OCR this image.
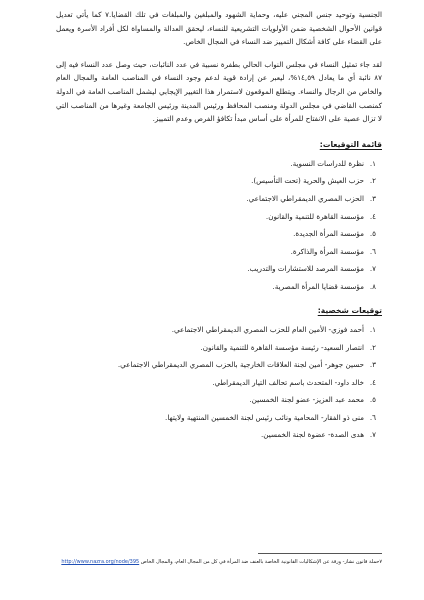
الجنسية وتوحيد جنس المجني عليه، وحماية الشهود والمبلغين والمبلغات في تلك القضايا.٧ كما يأتي تعديل قوانين الأحوال الشخصية ضمن الأولويات التشريعية للنساء، ليحقق العدالة والمساواة لكل أفراد الأسرة ويعمل على القضاء على كافة أشكال التمييز ضد النساء في المجال الخاص.

لقد جاء تمثيل النساء في مجلس النواب الحالي بطفرة نسبية في عدد النائبات، حيث وصل عدد النساء فيه إلى ٨٧ نائبة أي ما يعادل ١٤,٥٩%، ليعبر عن إرادة قوية لدعم وجود النساء في المناصب العامة والمجال العام والخاص من الرجال والنساء. ويتطلع الموقعون لاستمرار هذا التغيير الإيجابي ليشمل المناصب العامة في الدولة كمنصب القاضي في مجلس الدولة ومنصب المحافظ ورئيس المدينة ورئيس الجامعة وغيرها من المناصب التي لا تزال عصية على الانفتاح للمرأة على أساس مبدأ تكافؤ الفرص وعدم التمييز.

قائمة التوقيعات:
١.
نظرة للدراسات النسوية.
٢.
حزب العيش والحرية (تحت التأسيس).
٣.
الحزب المصري الديمقراطي الاجتماعي.
٤.
مؤسسة القاهرة للتنمية والقانون.
٥.
مؤسسة المرأة الجديدة.
٦.
مؤسسة المرأة والذاكرة.
٧.
مؤسسة المرصد للاستشارات والتدريب.
٨.
مؤسسة قضايا المرأة المصرية.
توقيعات شخصية:
١.
أحمد فوزي- الأمين العام للحزب المصري الديمقراطي الاجتماعي.
٢.
انتصار السعيد- رئيسة مؤسسة القاهرة للتنمية والقانون.
٣.
حسين جوهر- أمين لجنة العلاقات الخارجية بالحزب المصري الديمقراطي الاجتماعي.
٤.
خالد داود- المتحدث باسم تحالف التيار الديمقراطي.
٥.
محمد عبد العزيز- عضو لجنة الخمسين.
٦.
منى ذو الفقار- المحامية ونائب رئيس لجنة الخمسين المنتهية ولايتها.
٧.
هدى الصدة- عضوة لجنة الخمسين.
٧حملة قانون نشاز- ورقة عن الإشكاليات القانونية الخاصة بالعنف ضد المرأة في كل من المجال العام، والمجال الخاص http://www.nazra.org/node/395
